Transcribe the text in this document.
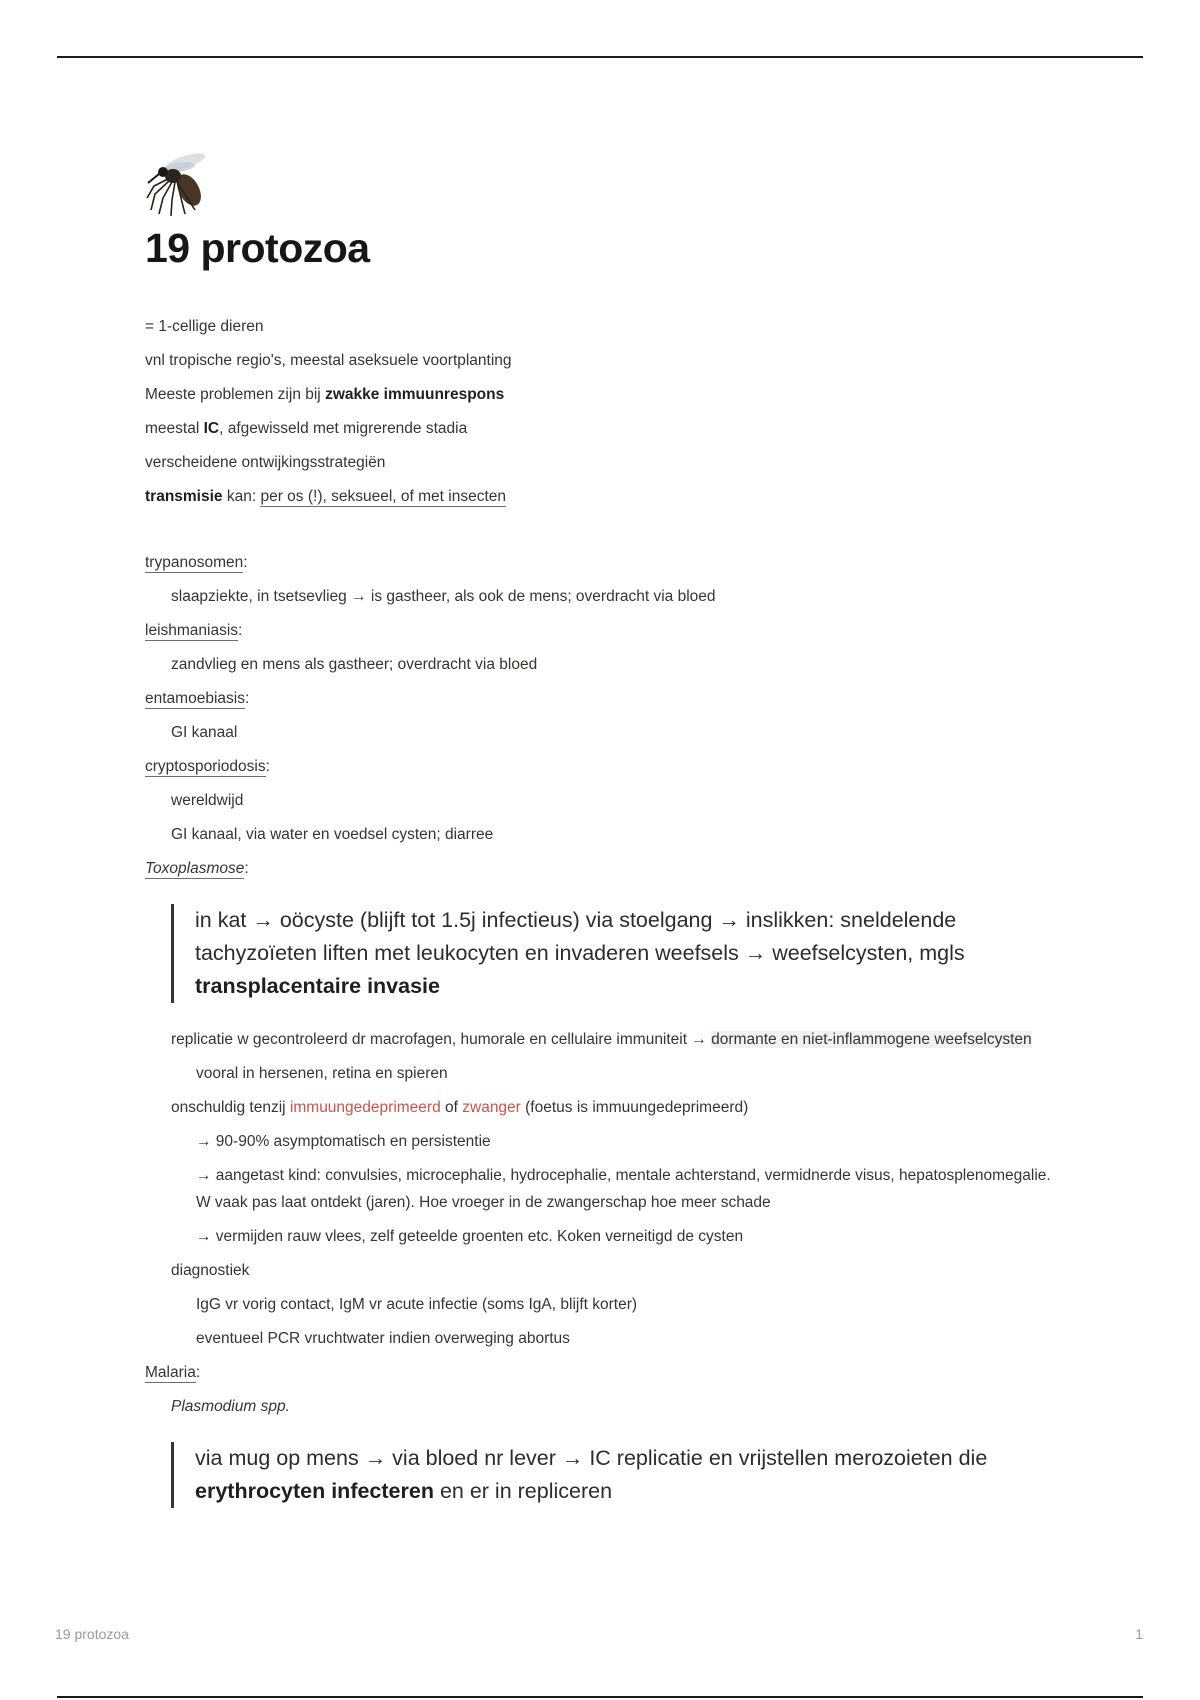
19 protozoa
= 1-cellige dieren
vnl tropische regio's, meestal aseksuele voortplanting
Meeste problemen zijn bij zwakke immuunrespons
meestal IC, afgewisseld met migrerende stadia
verscheidene ontwijkingsstrategiën
transmisie kan: per os (!), seksueel, of met insecten
trypanosomen:
slaapziekte, in tsetsevlieg → is gastheer, als ook de mens; overdracht via bloed
leishmaniasis:
zandvlieg en mens als gastheer; overdracht via bloed
entamoebiasis:
GI kanaal
cryptosporiodosis:
wereldwijd
GI kanaal, via water en voedsel cysten; diarree
Toxoplasmose:
in kat → oöcyste (blijft tot 1.5j infectieus) via stoelgang → inslikken: sneldelende tachyzoïeten liften met leukocyten en invaderen weefsels → weefselcysten, mgls transplacentaire invasie
replicatie w gecontroleerd dr macrofagen, humorale en cellulaire immuniteit → dormante en niet-inflammogene weefselcysten
vooral in hersenen, retina en spieren
onschuldig tenzij immuungedeprimeerd of zwanger (foetus is immuungedeprimeerd)
→ 90-90% asymptomatisch en persistentie
→ aangetast kind: convulsies, microcephalie, hydrocephalie, mentale achterstand, vermidnerde visus, hepatosplenomegalie. W vaak pas laat ontdekt (jaren). Hoe vroeger in de zwangerschap hoe meer schade
→ vermijden rauw vlees, zelf geteelde groenten etc. Koken verneitigd de cysten
diagnostiek
IgG vr vorig contact, IgM vr acute infectie (soms IgA, blijft korter)
eventueel PCR vruchtwater indien overweging abortus
Malaria:
Plasmodium spp.
via mug op mens → via bloed nr lever → IC replicatie en vrijstellen merozoieten die erythrocyten infecteren en er in repliceren
19 protozoa	1
